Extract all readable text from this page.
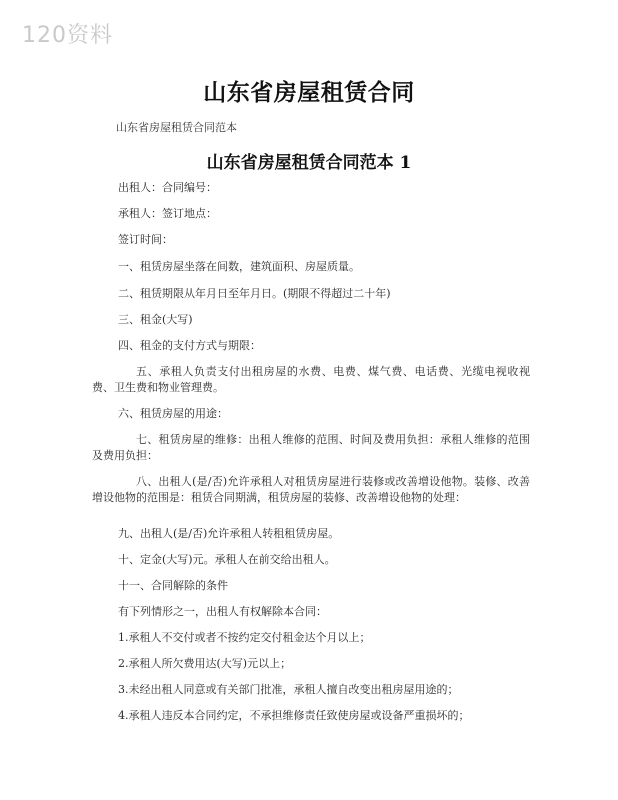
120资料
山东省房屋租赁合同
山东省房屋租赁合同范本
山东省房屋租赁合同范本 1
出租人：合同编号：
承租人：签订地点：
签订时间：
一、租赁房屋坐落在间数，建筑面积、房屋质量。
二、租赁期限从年月日至年月日。(期限不得超过二十年)
三、租金(大写)
四、租金的支付方式与期限：
五、承租人负责支付出租房屋的水费、电费、煤气费、电话费、光缆电视收视费、卫生费和物业管理费。
六、租赁房屋的用途：
七、租赁房屋的维修：出租人维修的范围、时间及费用负担：承租人维修的范围及费用负担：
八、出租人(是/否)允许承租人对租赁房屋进行装修或改善增设他物。装修、改善增设他物的范围是：租赁合同期满，租赁房屋的装修、改善增设他物的处理：
九、出租人(是/否)允许承租人转租租赁房屋。
十、定金(大写)元。承租人在前交给出租人。
十一、合同解除的条件
有下列情形之一，出租人有权解除本合同：
1.承租人不交付或者不按约定交付租金达个月以上；
2.承租人所欠费用达(大写)元以上；
3.未经出租人同意或有关部门批准，承租人擅自改变出租房屋用途的；
4.承租人违反本合同约定，不承担维修责任致使房屋或设备严重损坏的；
